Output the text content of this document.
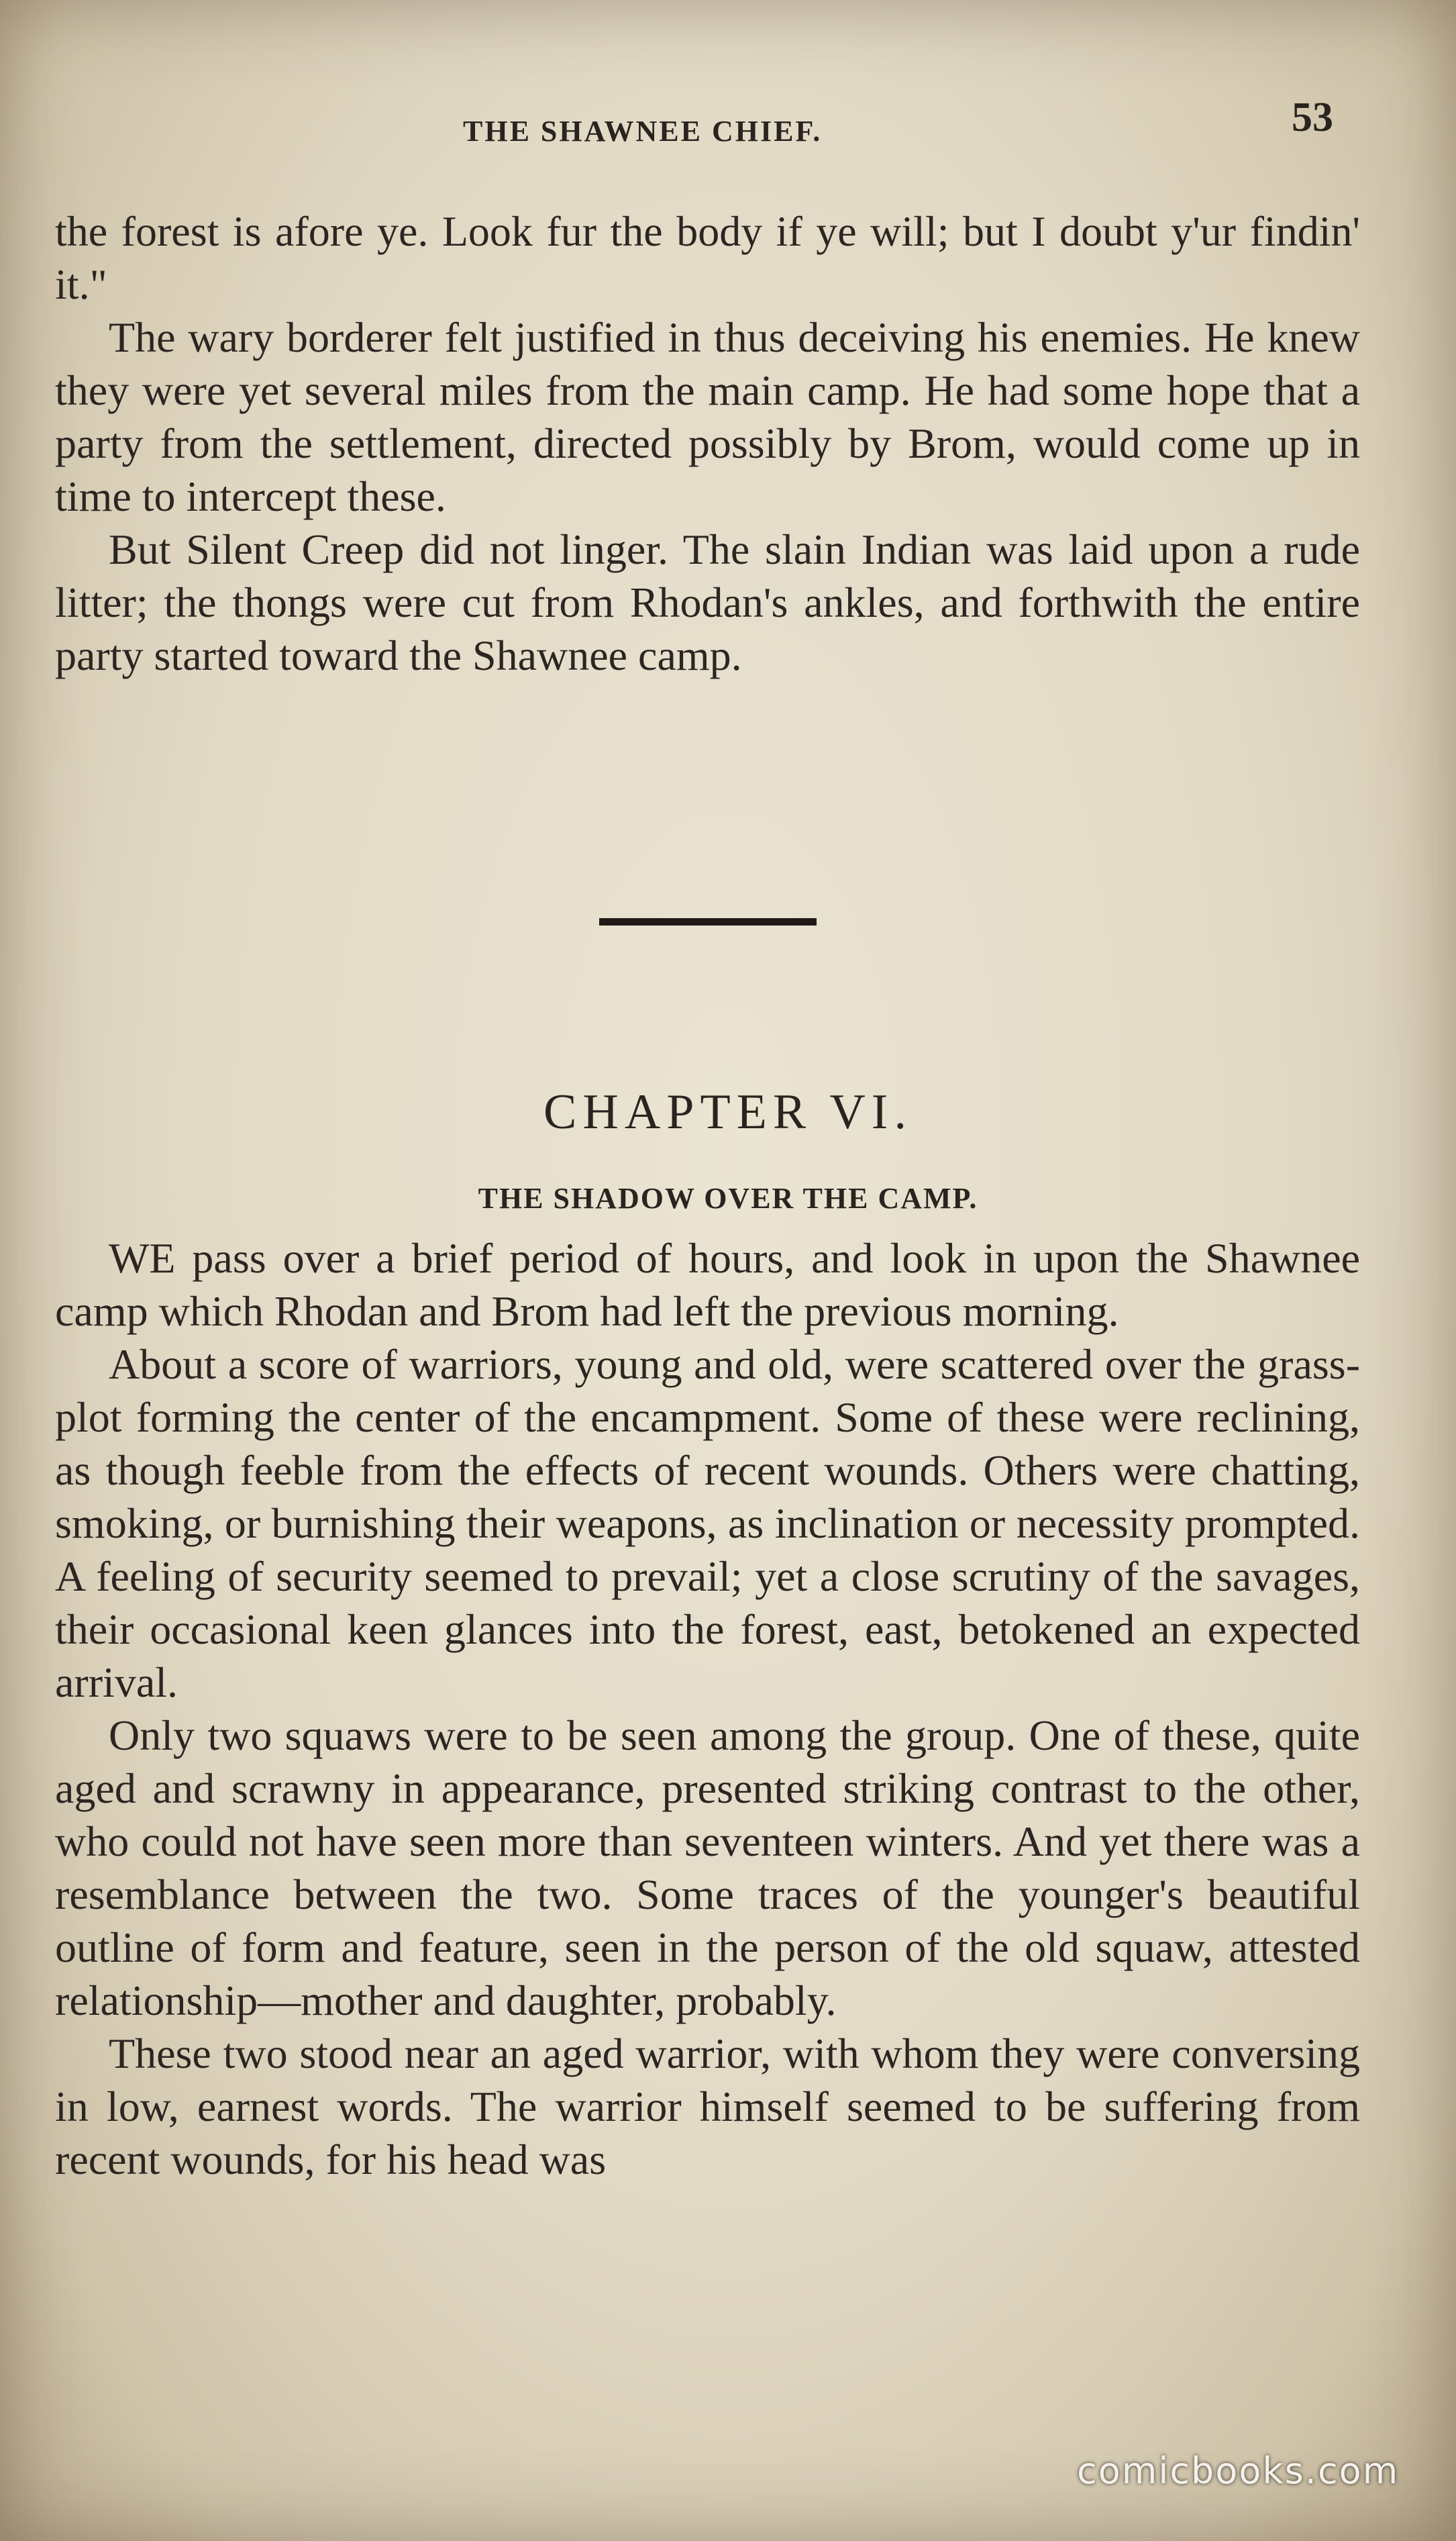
THE SHAWNEE CHIEF.	53

the forest is afore ye. Look fur the body if ye will; but I doubt y'ur findin' it."

The wary borderer felt justified in thus deceiving his enemies. He knew they were yet several miles from the main camp. He had some hope that a party from the settlement, directed possibly by Brom, would come up in time to intercept these.

But Silent Creep did not linger. The slain Indian was laid upon a rude litter; the thongs were cut from Rhodan's ankles, and forthwith the entire party started toward the Shawnee camp.

CHAPTER VI.
THE SHADOW OVER THE CAMP.

WE pass over a brief period of hours, and look in upon the Shawnee camp which Rhodan and Brom had left the previous morning.

About a score of warriors, young and old, were scattered over the grass-plot forming the center of the encampment. Some of these were reclining, as though feeble from the effects of recent wounds. Others were chatting, smoking, or burnishing their weapons, as inclination or necessity prompted. A feeling of security seemed to prevail; yet a close scrutiny of the savages, their occasional keen glances into the forest, east, betokened an expected arrival.

Only two squaws were to be seen among the group. One of these, quite aged and scrawny in appearance, presented striking contrast to the other, who could not have seen more than seventeen winters. And yet there was a resemblance between the two. Some traces of the younger's beautiful outline of form and feature, seen in the person of the old squaw, attested relationship—mother and daughter, probably.

These two stood near an aged warrior, with whom they were conversing in low, earnest words. The warrior himself seemed to be suffering from recent wounds, for his head was

comicbooks.com
